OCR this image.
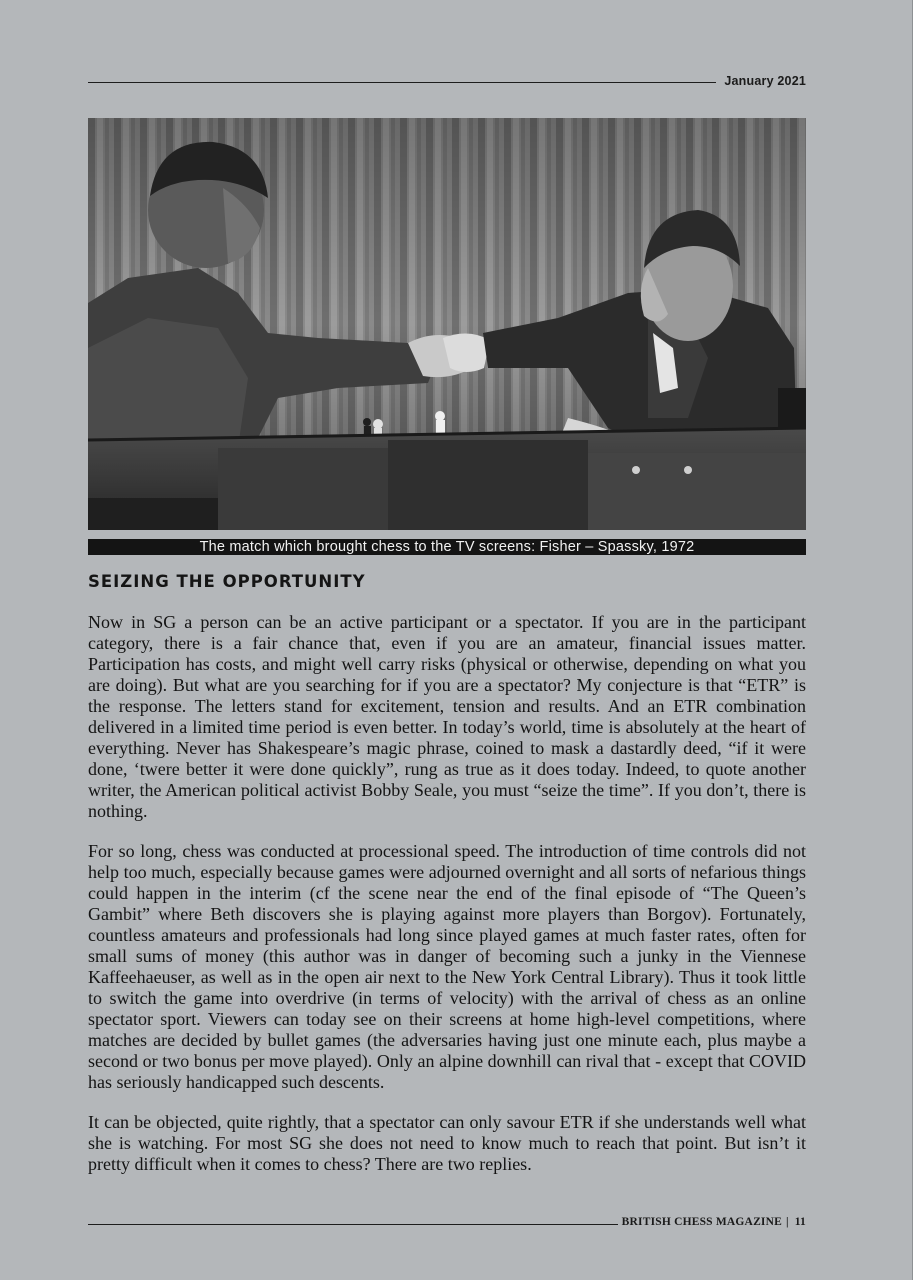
January 2021
The match which brought chess to the TV screens: Fisher – Spassky, 1972
SEIZING THE OPPORTUNITY

Now in SG a person can be an active participant or a spectator. If you are in the participant category, there is a fair chance that, even if you are an amateur, financial issues matter. Participation has costs, and might well carry risks (physical or otherwise, depending on what you are doing). But what are you searching for if you are a spectator? My conjecture is that “ETR” is the response. The letters stand for excitement, tension and results. And an ETR combination delivered in a limited time period is even better. In today’s world, time is absolutely at the heart of everything. Never has Shakespeare’s magic phrase, coined to mask a dastardly deed, “if it were done, ‘twere better it were done quickly”, rung as true as it does today. Indeed, to quote another writer, the American political activist Bobby Seale, you must “seize the time”. If you don’t, there is nothing.

For so long, chess was conducted at processional speed. The introduction of time controls did not help too much, especially because games were adjourned overnight and all sorts of nefarious things could happen in the interim (cf the scene near the end of the final episode of “The Queen’s Gambit” where Beth discovers she is playing against more players than Borgov). Fortunately, countless amateurs and professionals had long since played games at much faster rates, often for small sums of money (this author was in danger of becoming such a junky in the Viennese Kaffeehaeuser, as well as in the open air next to the New York Central Library). Thus it took little to switch the game into overdrive (in terms of velocity) with the arrival of chess as an online spectator sport. Viewers can today see on their screens at home high-level competitions, where matches are decided by bullet games (the adversaries having just one minute each, plus maybe a second or two bonus per move played). Only an alpine downhill can rival that - except that COVID has seriously handicapped such descents.

It can be objected, quite rightly, that a spectator can only savour ETR if she understands well what she is watching. For most SG she does not need to know much to reach that point. But isn’t it pretty difficult when it comes to chess? There are two replies.

BRITISH CHESS MAGAZINE | 11
